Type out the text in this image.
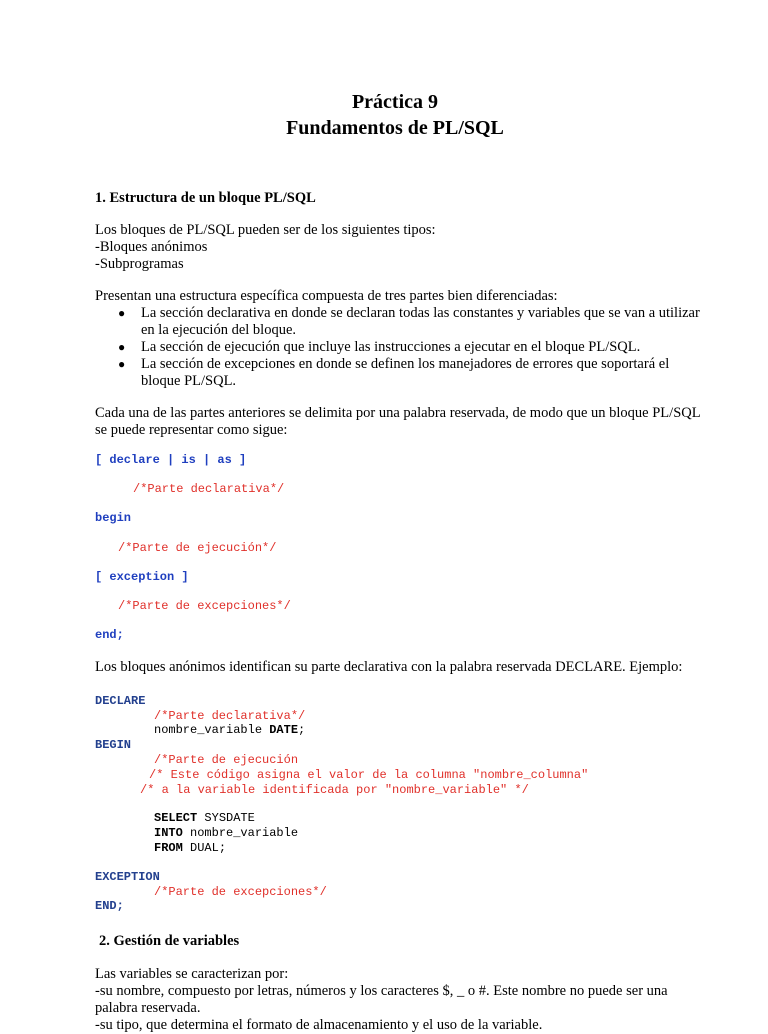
Práctica 9
Fundamentos de PL/SQL
1. Estructura de un bloque PL/SQL
Los bloques de PL/SQL pueden ser de los siguientes tipos:
-Bloques anónimos
-Subprogramas
Presentan una estructura específica compuesta de tres partes bien diferenciadas:
● La sección declarativa en donde se declaran todas las constantes y variables que se van a utilizar
en la ejecución del bloque.
● La sección de ejecución que incluye las instrucciones a ejecutar en el bloque PL/SQL.
● La sección de excepciones en donde se definen los manejadores de errores que soportará el
bloque PL/SQL.
Cada una de las partes anteriores se delimita por una palabra reservada, de modo que un bloque PL/SQL
se puede representar como sigue:
[ declare | is | as ]
/*Parte declarativa*/
begin
/*Parte de ejecución*/
[ exception ]
/*Parte de excepciones*/
end;
Los bloques anónimos identifican su parte declarativa con la palabra reservada DECLARE. Ejemplo:
DECLARE
/*Parte declarativa*/
nombre_variable DATE;
BEGIN
/*Parte de ejecución
/* Este código asigna el valor de la columna "nombre_columna"
/* a la variable identificada por "nombre_variable" */
SELECT SYSDATE
INTO nombre_variable
FROM DUAL;
EXCEPTION
/*Parte de excepciones*/
END;
2. Gestión de variables
Las variables se caracterizan por:
-su nombre, compuesto por letras, números y los caracteres $, _ o #. Este nombre no puede ser una
palabra reservada.
-su tipo, que determina el formato de almacenamiento y el uso de la variable.
